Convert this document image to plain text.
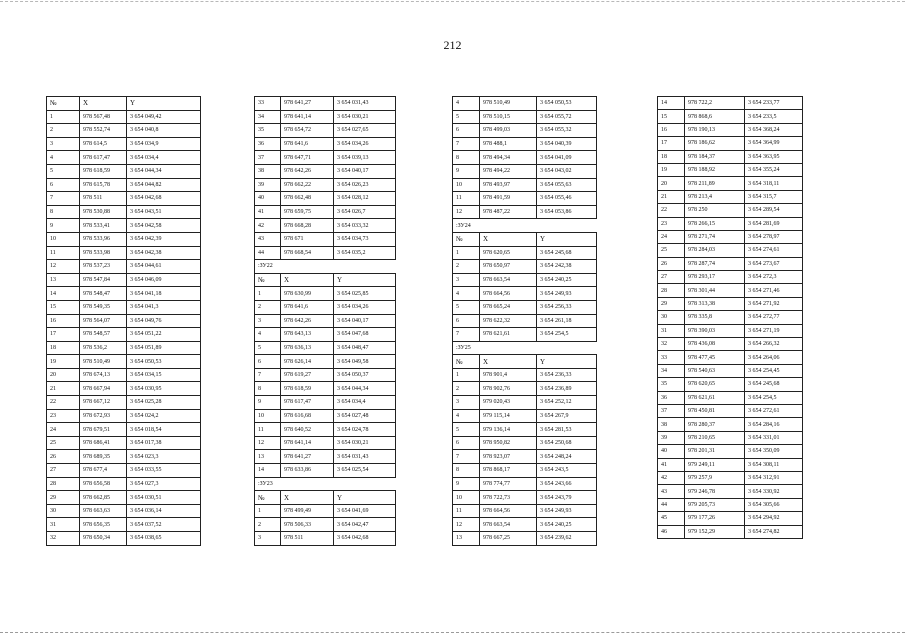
212
№	X	Y
1	978 567,48	3 654 049,42
2	978 552,74	3 654 040,8
3	978 614,5	3 654 034,9
4	978 617,47	3 654 034,4
5	978 618,59	3 654 044,34
6	978 615,78	3 654 044,82
7	978 511	3 654 042,68
8	978 530,88	3 654 043,51
9	978 533,41	3 654 042,58
10	978 533,96	3 654 042,39
11	978 533,98	3 654 042,38
12	978 537,23	3 654 044,61
13	978 547,84	3 654 046,09
14	978 548,47	3 654 041,18
15	978 549,35	3 654 041,3
16	978 564,07	3 654 049,76
17	978 548,57	3 654 051,22
18	978 536,2	3 654 051,89
19	978 510,49	3 654 050,53
20	978 674,13	3 654 034,15
21	978 667,94	3 654 030,95
22	978 667,12	3 654 025,28
23	978 672,93	3 654 024,2
24	978 679,51	3 654 018,54
25	978 686,41	3 654 017,38
26	978 689,35	3 654 023,3
27	978 677,4	3 654 033,55
28	978 656,58	3 654 027,3
29	978 662,85	3 654 030,51
30	978 663,63	3 654 036,14
31	978 656,35	3 654 037,52
32	978 650,34	3 654 038,65
33	978 641,27	3 654 031,43
34	978 641,14	3 654 030,21
35	978 654,72	3 654 027,65
36	978 641,6	3 654 034,26
37	978 647,71	3 654 039,13
38	978 642,26	3 654 040,17
39	978 662,22	3 654 026,23
40	978 662,48	3 654 028,12
41	978 659,75	3 654 026,7
42	978 668,28	3 654 033,32
43	978 671	3 654 034,73
44	978 668,54	3 654 035,2
:ЗУ22		
№	X	Y
1	978 630,99	3 654 025,85
2	978 641,6	3 654 034,26
3	978 642,26	3 654 040,17
4	978 643,13	3 654 047,68
5	978 636,13	3 654 048,47
6	978 626,14	3 654 049,58
7	978 619,27	3 654 050,37
8	978 618,59	3 654 044,34
9	978 617,47	3 654 034,4
10	978 616,68	3 654 027,48
11	978 640,52	3 654 024,78
12	978 641,14	3 654 030,21
13	978 641,27	3 654 031,43
14	978 633,86	3 654 025,54
:ЗУ23		
№	X	Y
1	978 499,49	3 654 041,69
2	978 506,33	3 654 042,47
3	978 511	3 654 042,68
4	978 510,49	3 654 050,53
5	978 510,15	3 654 055,72
6	978 499,03	3 654 055,32
7	978 488,1	3 654 040,39
8	978 494,34	3 654 041,09
9	978 494,22	3 654 043,02
10	978 493,97	3 654 055,63
11	978 491,59	3 654 055,46
12	978 487,22	3 654 053,86
:ЗУ24		
№	X	Y
1	978 620,65	3 654 245,68
2	978 650,97	3 654 242,38
3	978 663,54	3 654 240,25
4	978 664,56	3 654 249,93
5	978 665,24	3 654 256,33
6	978 622,32	3 654 261,18
7	978 621,61	3 654 254,5
:ЗУ25		
№	X	Y
1	978 901,4	3 654 236,33
2	978 902,76	3 654 236,89
3	979 020,43	3 654 252,12
4	979 115,14	3 654 267,9
5	979 136,14	3 654 281,53
6	978 950,82	3 654 250,68
7	978 923,07	3 654 248,24
8	978 868,17	3 654 243,5
9	978 774,77	3 654 243,66
10	978 722,73	3 654 243,79
11	978 664,56	3 654 249,93
12	978 663,54	3 654 240,25
13	978 667,25	3 654 239,62
14	978 722,2	3 654 233,77
15	978 868,6	3 654 233,5
16	978 190,13	3 654 368,24
17	978 186,62	3 654 364,99
18	978 184,37	3 654 363,95
19	978 188,92	3 654 355,24
20	978 211,89	3 654 318,11
21	978 213,4	3 654 315,7
22	978 250	3 654 289,54
23	978 266,15	3 654 281,69
24	978 271,74	3 654 278,97
25	978 284,03	3 654 274,61
26	978 287,74	3 654 273,67
27	978 293,17	3 654 272,3
28	978 301,44	3 654 271,46
29	978 313,38	3 654 271,92
30	978 335,8	3 654 272,77
31	978 390,03	3 654 271,19
32	978 436,08	3 654 266,32
33	978 477,45	3 654 264,06
34	978 540,63	3 654 254,45
35	978 620,65	3 654 245,68
36	978 621,61	3 654 254,5
37	978 450,81	3 654 272,61
38	978 280,37	3 654 284,16
39	978 210,65	3 654 331,01
40	978 201,31	3 654 350,09
41	979 249,11	3 654 308,11
42	979 257,9	3 654 312,91
43	979 246,78	3 654 330,92
44	979 205,73	3 654 305,66
45	979 177,26	3 654 294,92
46	979 152,29	3 654 274,82
